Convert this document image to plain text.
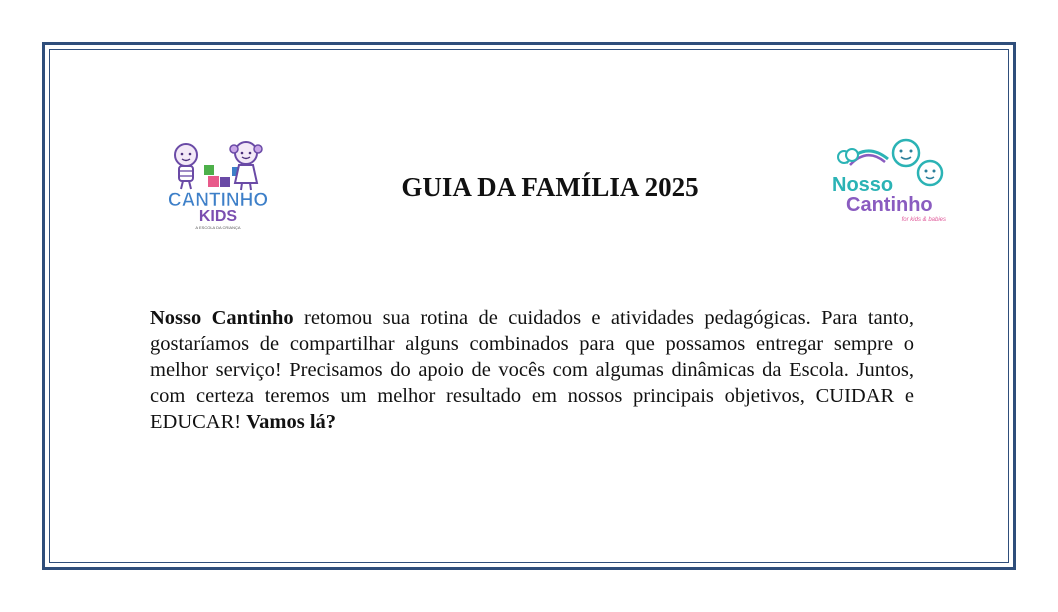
CANTINHO
KIDS
A ESCOLA DA CRIANÇA
GUIA DA FAMÍLIA 2025	Nosso
Cantinho
for kids & babies

Nosso Cantinho retomou sua rotina de cuidados e atividades pedagógicas. Para tanto, gostaríamos de compartilhar alguns combinados para que possamos entregar sempre o melhor serviço! Precisamos do apoio de vocês com algumas dinâmicas da Escola. Juntos, com certeza teremos um melhor resultado em nossos principais objetivos, CUIDAR e EDUCAR! Vamos lá?
